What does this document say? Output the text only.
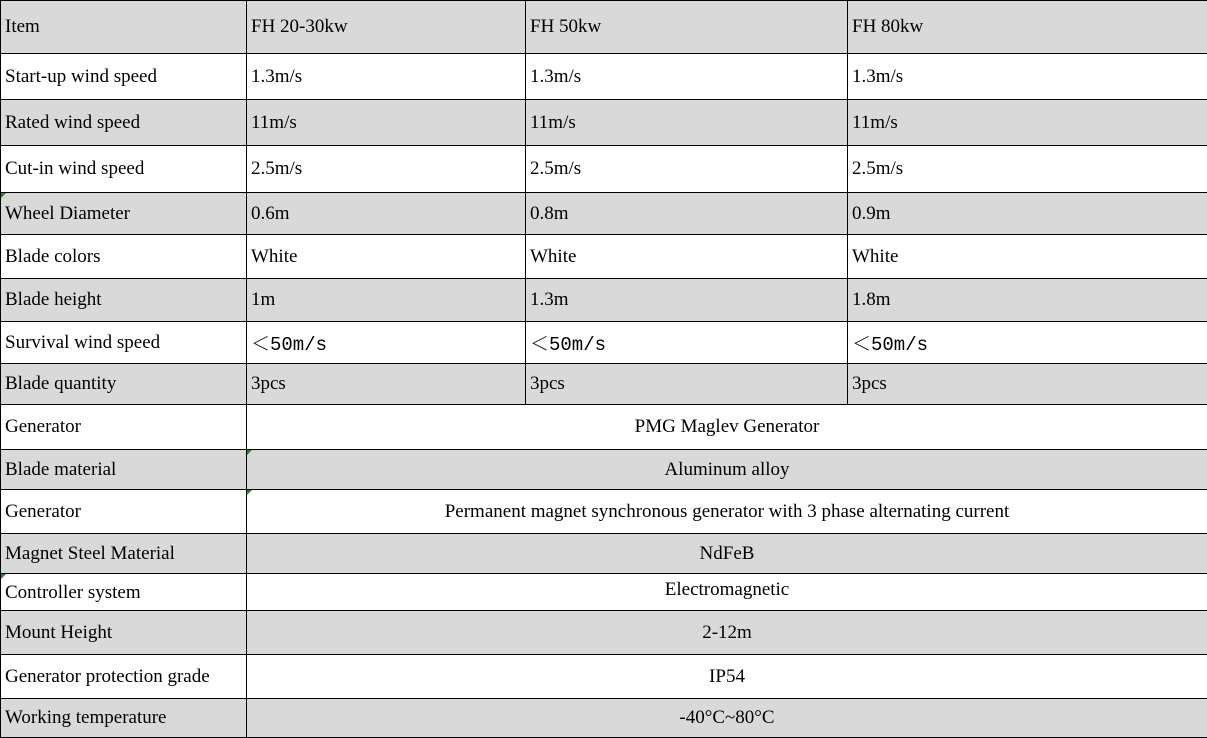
Item	FH 20-30kw	FH 50kw	FH 80kw
Start-up wind speed	1.3m/s	1.3m/s	1.3m/s
Rated wind speed	11m/s	11m/s	11m/s
Cut-in wind speed	2.5m/s	2.5m/s	2.5m/s
Wheel Diameter	0.6m	0.8m	0.9m
Blade colors	White	White	White
Blade height	1m	1.3m	1.8m
Survival wind speed	＜50m/s	＜50m/s	＜50m/s
Blade quantity	3pcs	3pcs	3pcs
Generator	PMG Maglev Generator		
Blade material	Aluminum alloy		
Generator	Permanent magnet synchronous generator with 3 phase alternating current		
Magnet Steel Material	NdFeB		
Controller system	Electromagnetic		
Mount Height	2-12m		
Generator protection grade	IP54		
Working temperature	-40°C~80°C		
